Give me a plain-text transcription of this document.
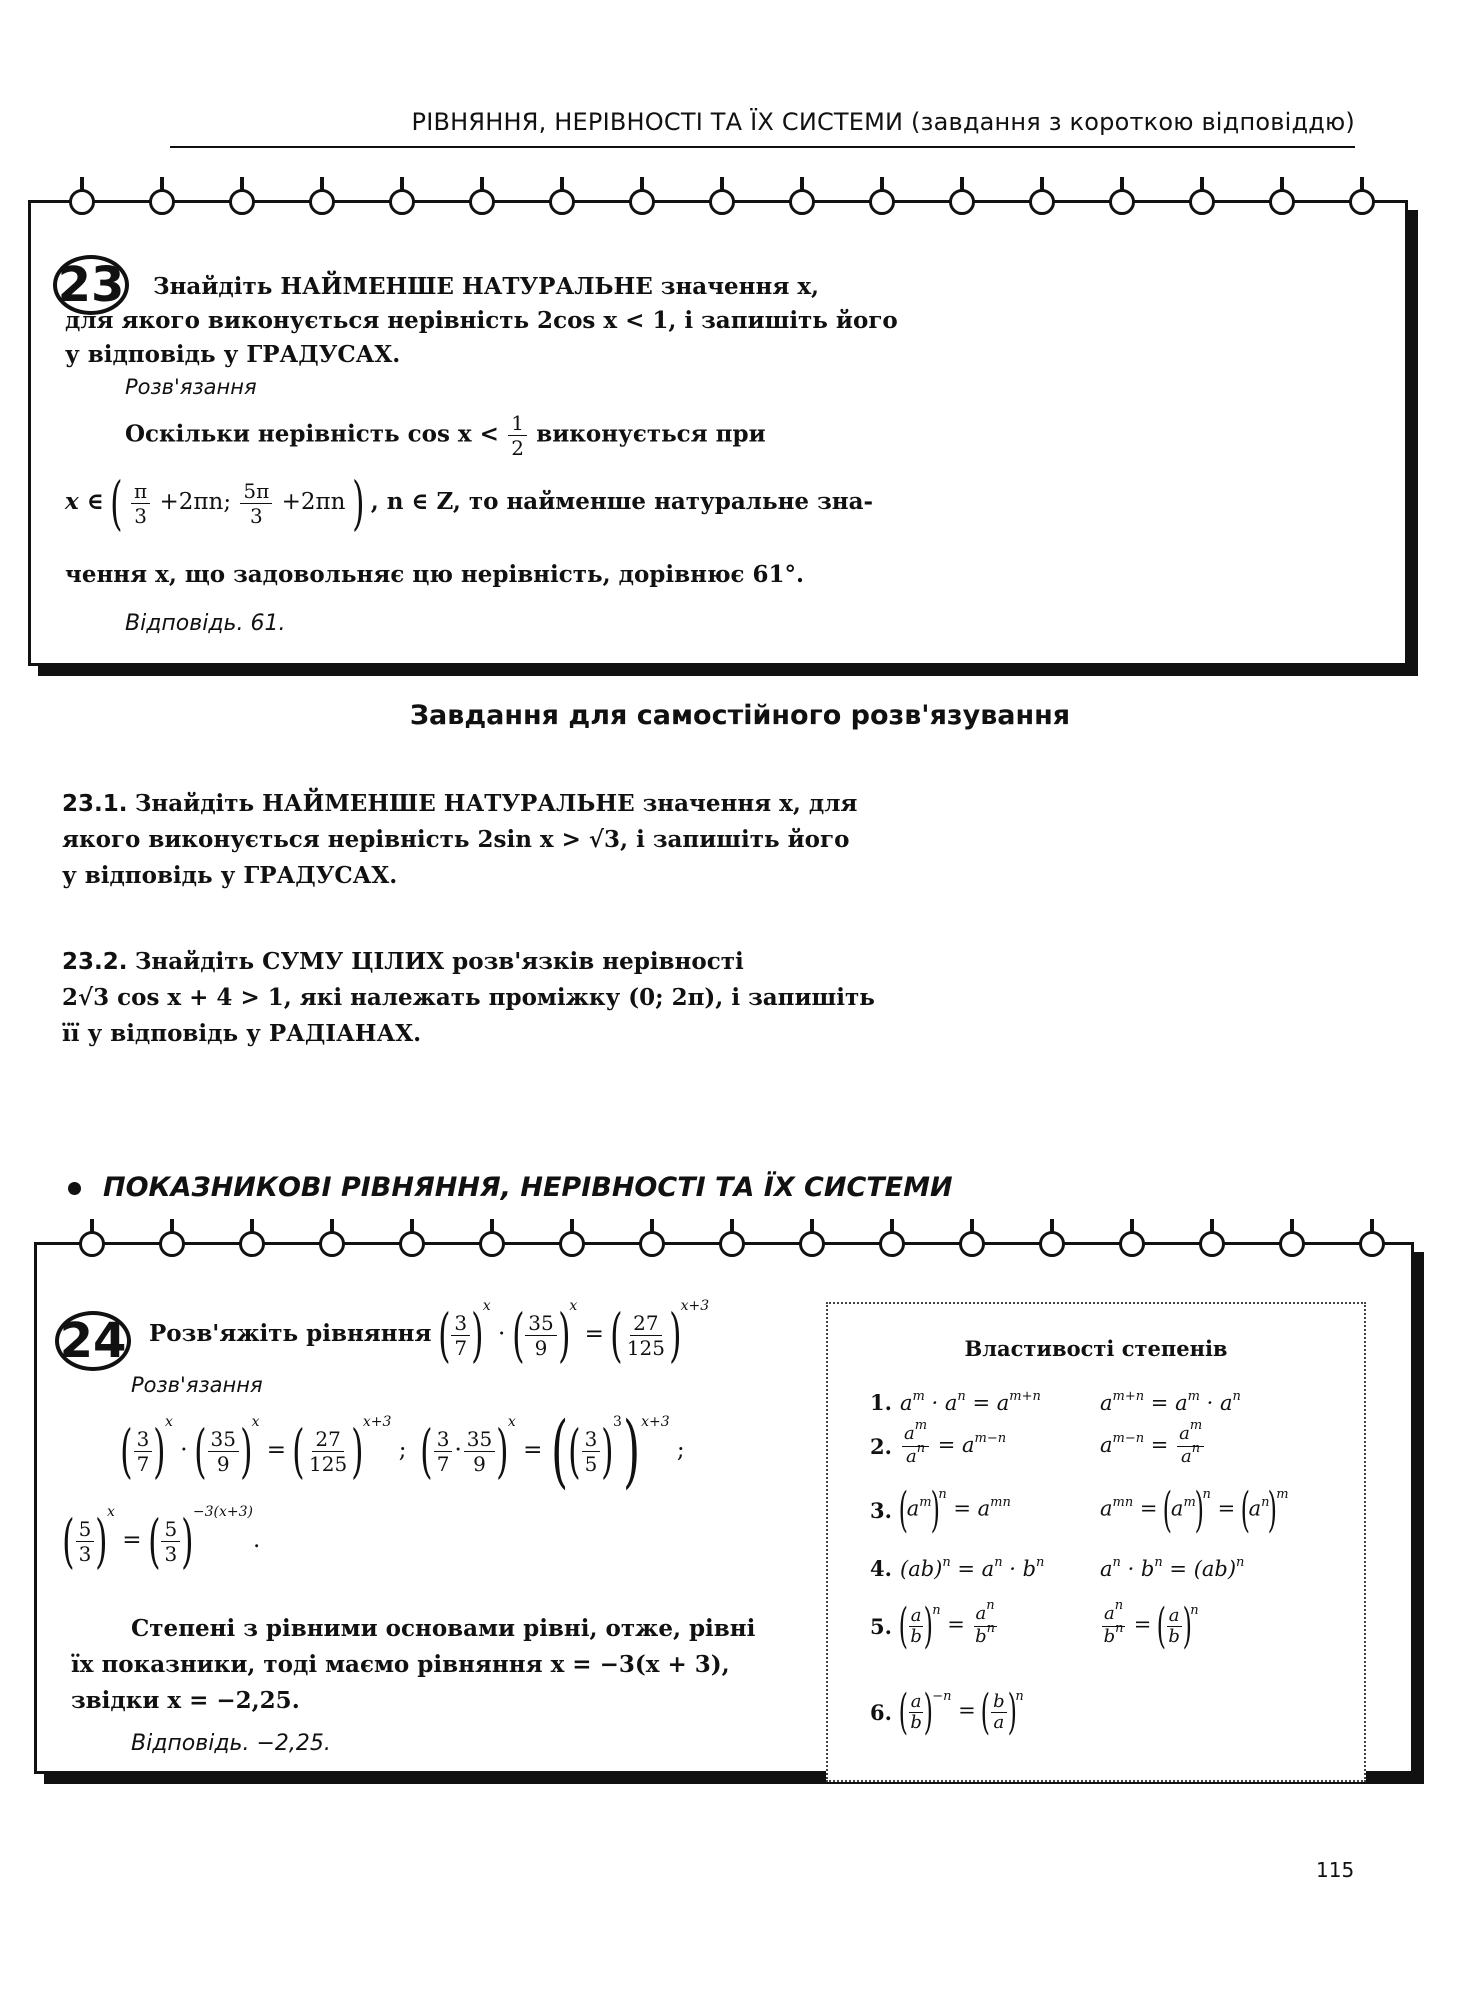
РІВНЯННЯ, НЕРІВНОСТІ ТА ЇХ СИСТЕМИ (завдання з короткою відповіддю)
23 Знайдіть НАЙМЕНШЕ НАТУРАЛЬНЕ значення x,
для якого виконується нерівність 2cos x < 1, і запишіть його
у відповідь у ГРАДУСАХ.
Розв'язання
Оскільки нерівність $\cos x < \frac{1}{2}$ виконується при
x ∈ ( $\frac{\pi}{3} +2\pi n$; $\frac{5\pi}{3} +2\pi n$ ) , n ∈ Z, то найменше натуральне зна-
чення x, що задовольняє цю нерівність, дорівнює 61°.
Відповідь. 61.
Завдання для самостійного розв'язування
23.1. Знайдіть НАЙМЕНШЕ НАТУРАЛЬНЕ значення x, для
якого виконується нерівність 2sin x > √3, і запишіть його
у відповідь у ГРАДУСАХ.
23.2. Знайдіть СУМУ ЦІЛИХ розв'язків нерівності
2√3 cos x + 4 > 1, які належать проміжку (0; 2π), і запишіть
її у відповідь у РАДІАНАХ.
ПОКАЗНИКОВІ РІВНЯННЯ, НЕРІВНОСТІ ТА ЇХ СИСТЕМИ
24 Розв'яжіть рівняння ( $\frac{3}{7} )^x$ · ( $\frac{35}{9} )^x$ = ( $\frac{27}{125} )^{x+3}$
Розв'язання
( $\frac{3}{7} )^x$ · ( $\frac{35}{9} )^x$ = ( $\frac{27}{125} )^{x+3}$ ;  ( $\frac{3}{7} \cdot \frac{35}{9} )^x$ = (( $\frac{3}{5} )^3)^{x+3}$ ;
( $\frac{5}{3} )^x$ = ( $\frac{5}{3} )^{-3(x+3)}$.
Степені з рівними основами рівні, отже, рівні
їх показники, тоді маємо рівняння x = −3(x + 3),
звідки x = −2,25.
Відповідь. −2,25.
Властивості степенів
1. $a^m \cdot a^n = a^{m+n}$	$a^{m+n} = a^m \cdot a^n$
2. $\frac{a^m}{a^n} = a^{m-n}$	$a^{m-n} = \frac{a^m}{a^n}$
3. $(a^m)^n = a^{mn}$	$a^{mn} = (a^m)^n = (a^n)^m$
4. $(ab)^n = a^n \cdot b^n$	$a^n \cdot b^n = (ab)^n$
5. ( $\frac{a}{b} )^n = \frac{a^n}{b^n}$	$\frac{a^n}{b^n}$ = ( $\frac{a}{b} )^n$
6. ( $\frac{a}{b} )^{-n}$ = ( $\frac{b}{a} )^n$
115
